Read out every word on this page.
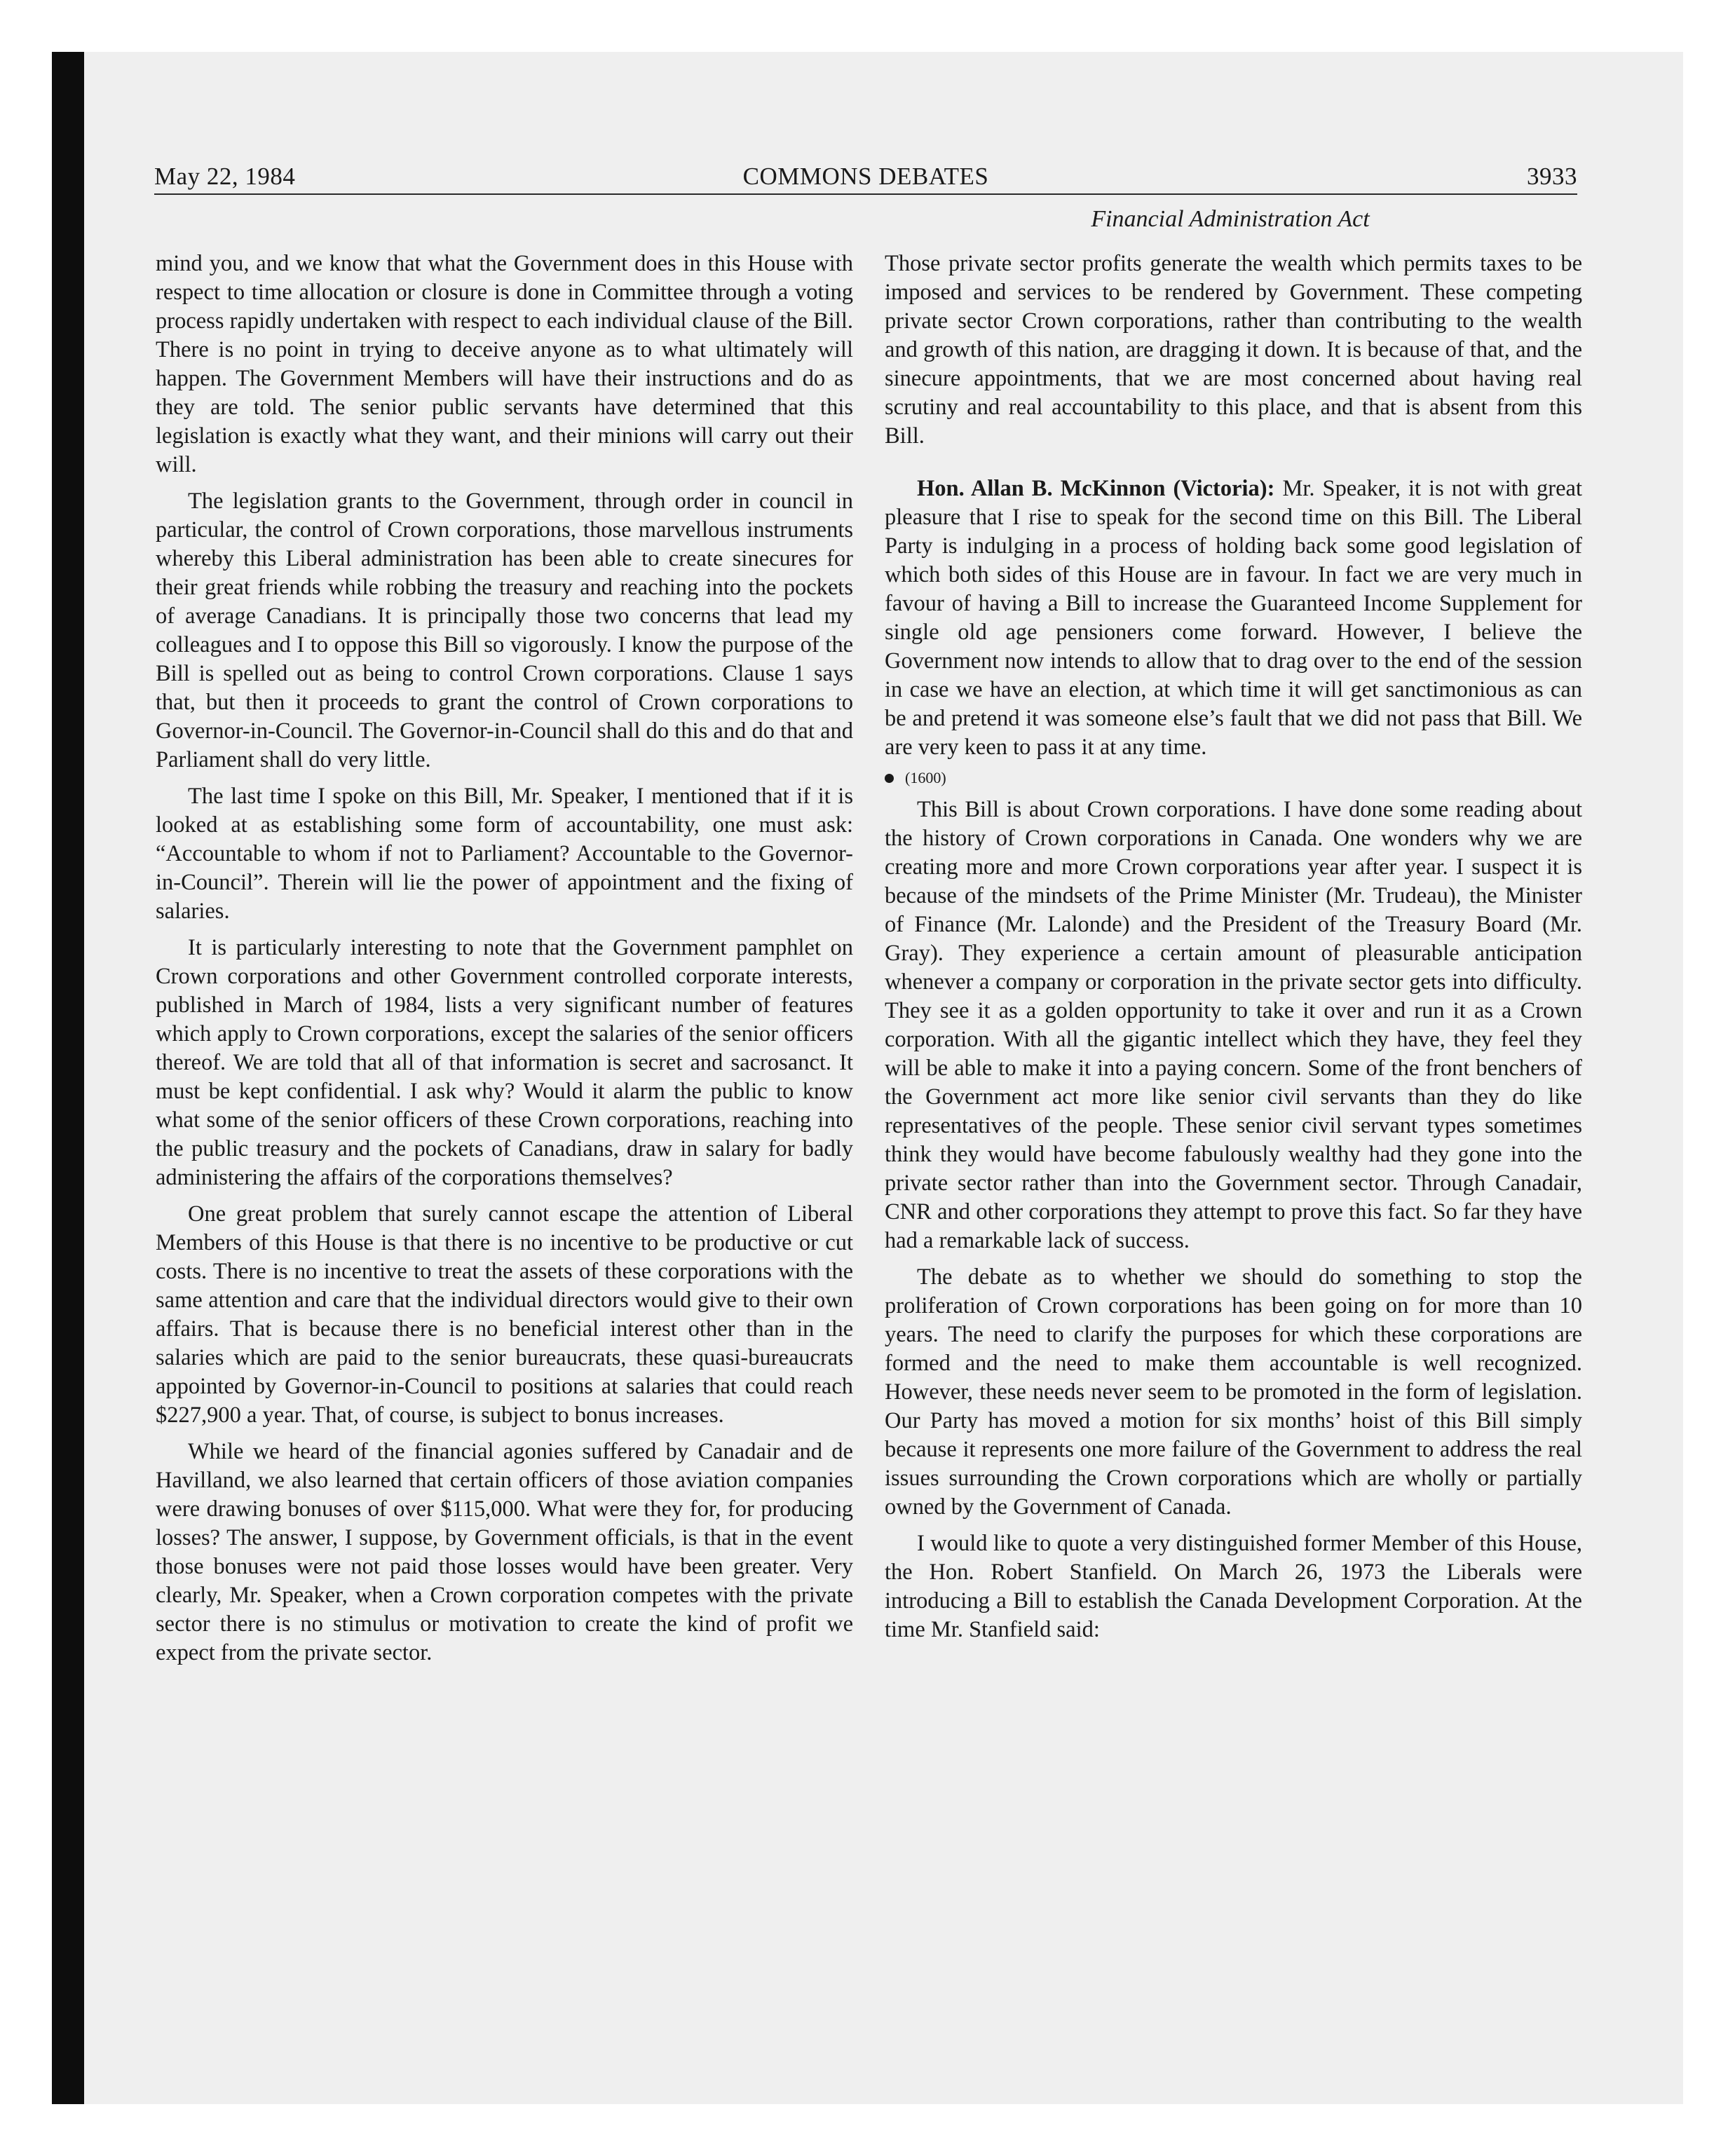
May 22, 1984	COMMONS DEBATES	3933
Financial Administration Act

mind you, and we know that what the Government does in this House with respect to time allocation or closure is done in Committee through a voting process rapidly undertaken with respect to each individual clause of the Bill. There is no point in trying to deceive anyone as to what ultimately will happen. The Government Members will have their instructions and do as they are told. The senior public servants have determined that this legislation is exactly what they want, and their minions will carry out their will.

The legislation grants to the Government, through order in council in particular, the control of Crown corporations, those marvellous instruments whereby this Liberal administration has been able to create sinecures for their great friends while robbing the treasury and reaching into the pockets of average Canadians. It is principally those two concerns that lead my colleagues and I to oppose this Bill so vigorously. I know the purpose of the Bill is spelled out as being to control Crown corporations. Clause 1 says that, but then it proceeds to grant the control of Crown corporations to Governor-in-Council. The Governor-in-Council shall do this and do that and Parliament shall do very little.

The last time I spoke on this Bill, Mr. Speaker, I mentioned that if it is looked at as establishing some form of accountability, one must ask: “Accountable to whom if not to Parliament? Accountable to the Governor-in-Council”. Therein will lie the power of appointment and the fixing of salaries.

It is particularly interesting to note that the Government pamphlet on Crown corporations and other Government controlled corporate interests, published in March of 1984, lists a very significant number of features which apply to Crown corporations, except the salaries of the senior officers thereof. We are told that all of that information is secret and sacrosanct. It must be kept confidential. I ask why? Would it alarm the public to know what some of the senior officers of these Crown corporations, reaching into the public treasury and the pockets of Canadians, draw in salary for badly administering the affairs of the corporations themselves?

One great problem that surely cannot escape the attention of Liberal Members of this House is that there is no incentive to be productive or cut costs. There is no incentive to treat the assets of these corporations with the same attention and care that the individual directors would give to their own affairs. That is because there is no beneficial interest other than in the salaries which are paid to the senior bureaucrats, these quasi-bureaucrats appointed by Governor-in-Council to positions at salaries that could reach $227,900 a year. That, of course, is subject to bonus increases.

While we heard of the financial agonies suffered by Canadair and de Havilland, we also learned that certain officers of those aviation companies were drawing bonuses of over $115,000. What were they for, for producing losses? The answer, I suppose, by Government officials, is that in the event those bonuses were not paid those losses would have been greater. Very clearly, Mr. Speaker, when a Crown corporation competes with the private sector there is no stimulus or motivation to create the kind of profit we expect from the private sector.

Those private sector profits generate the wealth which permits taxes to be imposed and services to be rendered by Government. These competing private sector Crown corporations, rather than contributing to the wealth and growth of this nation, are dragging it down. It is because of that, and the sinecure appointments, that we are most concerned about having real scrutiny and real accountability to this place, and that is absent from this Bill.

Hon. Allan B. McKinnon (Victoria): Mr. Speaker, it is not with great pleasure that I rise to speak for the second time on this Bill. The Liberal Party is indulging in a process of holding back some good legislation of which both sides of this House are in favour. In fact we are very much in favour of having a Bill to increase the Guaranteed Income Supplement for single old age pensioners come forward. However, I believe the Government now intends to allow that to drag over to the end of the session in case we have an election, at which time it will get sanctimonious as can be and pretend it was someone else’s fault that we did not pass that Bill. We are very keen to pass it at any time.

(1600)

This Bill is about Crown corporations. I have done some reading about the history of Crown corporations in Canada. One wonders why we are creating more and more Crown corporations year after year. I suspect it is because of the mindsets of the Prime Minister (Mr. Trudeau), the Minister of Finance (Mr. Lalonde) and the President of the Treasury Board (Mr. Gray). They experience a certain amount of pleasurable anticipation whenever a company or corporation in the private sector gets into difficulty. They see it as a golden opportunity to take it over and run it as a Crown corporation. With all the gigantic intellect which they have, they feel they will be able to make it into a paying concern. Some of the front benchers of the Government act more like senior civil servants than they do like representatives of the people. These senior civil servant types sometimes think they would have become fabulously wealthy had they gone into the private sector rather than into the Government sector. Through Canadair, CNR and other corporations they attempt to prove this fact. So far they have had a remarkable lack of success.

The debate as to whether we should do something to stop the proliferation of Crown corporations has been going on for more than 10 years. The need to clarify the purposes for which these corporations are formed and the need to make them accountable is well recognized. However, these needs never seem to be promoted in the form of legislation. Our Party has moved a motion for six months’ hoist of this Bill simply because it represents one more failure of the Government to address the real issues surrounding the Crown corporations which are wholly or partially owned by the Government of Canada.

I would like to quote a very distinguished former Member of this House, the Hon. Robert Stanfield. On March 26, 1973 the Liberals were introducing a Bill to establish the Canada Development Corporation. At the time Mr. Stanfield said:
